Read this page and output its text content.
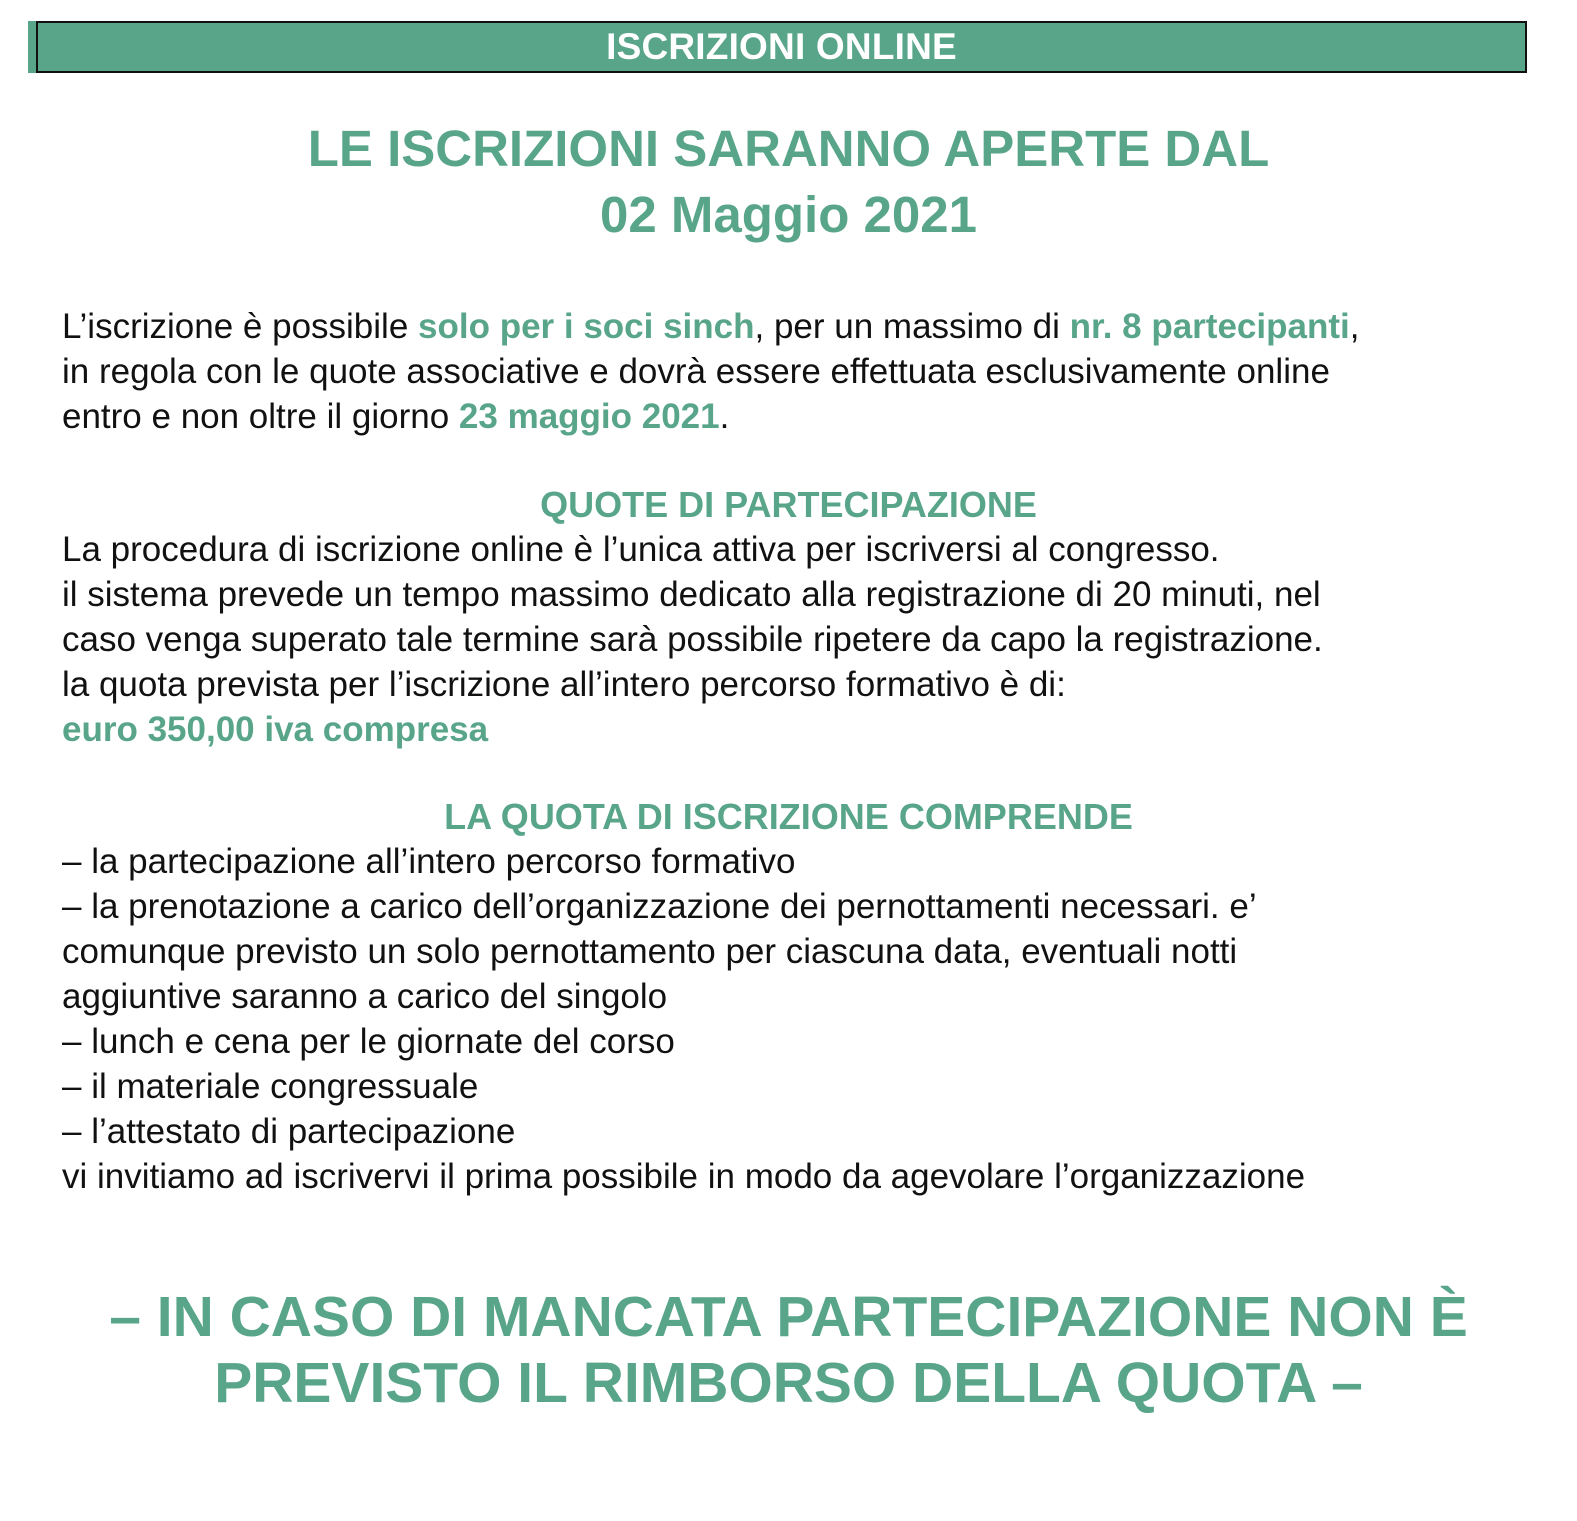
ISCRIZIONI ONLINE
LE ISCRIZIONI SARANNO APERTE DAL
02 Maggio 2021
L’iscrizione è possibile solo per i soci sinch, per un massimo di nr. 8 partecipanti,
in regola con le quote associative e dovrà essere effettuata esclusivamente online
entro e non oltre il giorno 23 maggio 2021.
QUOTE DI PARTECIPAZIONE
La procedura di iscrizione online è l’unica attiva per iscriversi al congresso.
il sistema prevede un tempo massimo dedicato alla registrazione di 20 minuti, nel
caso venga superato tale termine sarà possibile ripetere da capo la registrazione.
la quota prevista per l’iscrizione all’intero percorso formativo è di:
euro 350,00 iva compresa
LA QUOTA DI ISCRIZIONE COMPRENDE
– la partecipazione all’intero percorso formativo
– la prenotazione a carico dell’organizzazione dei pernottamenti necessari. e’
comunque previsto un solo pernottamento per ciascuna data, eventuali notti
aggiuntive saranno a carico del singolo
– lunch e cena per le giornate del corso
– il materiale congressuale
– l’attestato di partecipazione
vi invitiamo ad iscrivervi il prima possibile in modo da agevolare l’organizzazione
– IN CASO DI MANCATA PARTECIPAZIONE NON È
PREVISTO IL RIMBORSO DELLA QUOTA –
